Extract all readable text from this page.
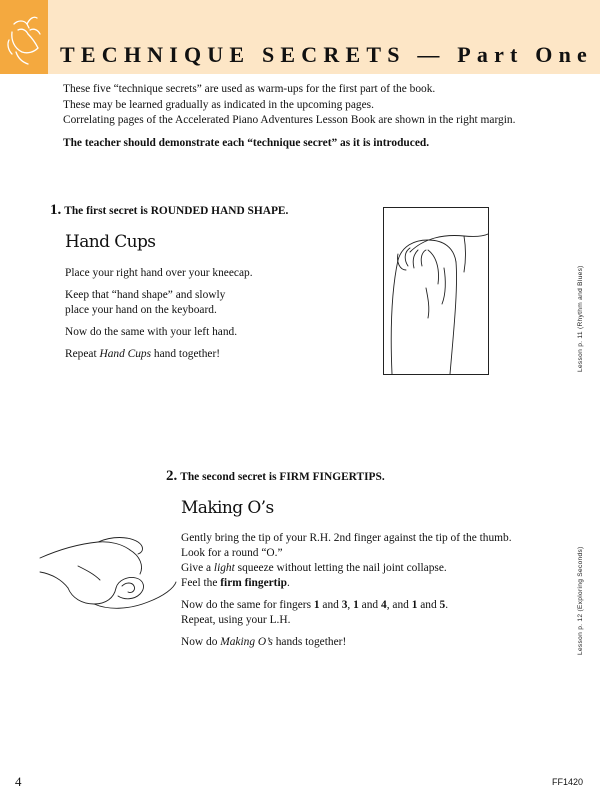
TECHNIQUE SECRETS — Part One

These five “technique secrets” are used as warm-ups for the first part of the book.

These may be learned gradually as indicated in the upcoming pages.

Correlating pages of the Accelerated Piano Adventures Lesson Book are shown in the right margin.

The teacher should demonstrate each “technique secret” as it is introduced.

1. The first secret is ROUNDED HAND SHAPE.
Hand Cups

Place your right hand over your kneecap.

Keep that “hand shape” and slowly
place your hand on the keyboard.

Now do the same with your left hand.

Repeat Hand Cups hand together!	Lesson p. 11 (Rhythm and Blues)
2. The second secret is FIRM FINGERTIPS.
Making O’s

Gently bring the tip of your R.H. 2nd finger against the tip of the thumb.
Look for a round “O.”
Give a light squeeze without letting the nail joint collapse.
Feel the firm fingertip.

Now do the same for fingers 1 and 3, 1 and 4, and 1 and 5.
Repeat, using your L.H.

Now do Making O’s hands together!	Lesson p. 12 (Exploring Seconds)
4	FF1420
